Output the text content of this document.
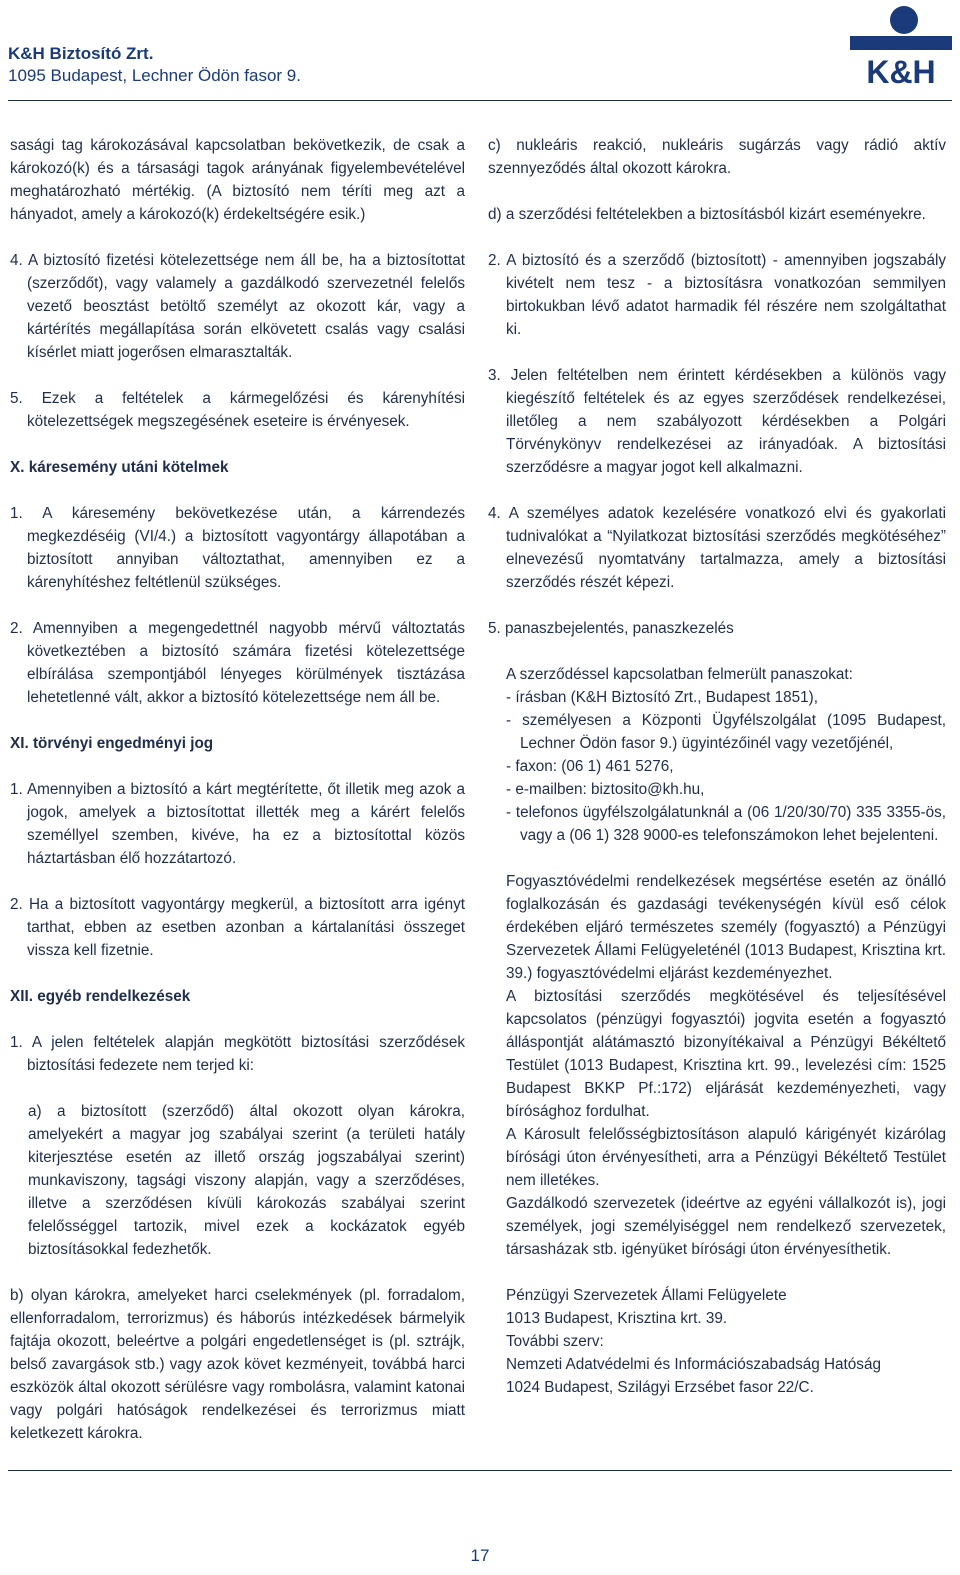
K&H Biztosító Zrt.
1095 Budapest, Lechner Ödön fasor 9.	K&H

sasági tag károkozásával kapcsolatban bekövetkezik, de csak a károkozó(k) és a társasági tagok arányának figyelembevételével meghatározható mértékig. (A biztosító nem téríti meg azt a hányadot, amely a károkozó(k) érdekeltségére esik.)

4. A biztosító fizetési kötelezettsége nem áll be, ha a biztosítottat (szerződőt), vagy valamely a gazdálkodó szervezetnél felelős vezető beosztást betöltő személyt az okozott kár, vagy a kártérítés megállapítása során elkövetett csalás vagy csalási kísérlet miatt jogerősen elmarasztalták.

5. Ezek a feltételek a kármegelőzési és kárenyhítési kötelezettségek megszegésének eseteire is érvényesek.

X. káresemény utáni kötelmek

1. A káresemény bekövetkezése után, a kárrendezés megkezdéséig (VI/4.) a biztosított vagyontárgy állapotában a biztosított annyiban változtathat, amennyiben ez a kárenyhítéshez feltétlenül szükséges.

2. Amennyiben a megengedettnél nagyobb mérvű változtatás következtében a biztosító számára fizetési kötelezettsége elbírálása szempontjából lényeges körülmények tisztázása lehetetlenné vált, akkor a biztosító kötelezettsége nem áll be.

XI. törvényi engedményi jog

1. Amennyiben a biztosító a kárt megtérítette, őt illetik meg azok a jogok, amelyek a biztosítottat illették meg a kárért felelős személlyel szemben, kivéve, ha ez a biztosítottal közös háztartásban élő hozzátartozó.

2. Ha a biztosított vagyontárgy megkerül, a biztosított arra igényt tarthat, ebben az esetben azonban a kártalanítási összeget vissza kell fizetnie.

XII. egyéb rendelkezések

1. A jelen feltételek alapján megkötött biztosítási szerződések biztosítási fedezete nem terjed ki:

a) a biztosított (szerződő) által okozott olyan károkra, amelyekért a magyar jog szabályai szerint (a területi hatály kiterjesztése esetén az illető ország jogszabályai szerint) munkaviszony, tagsági viszony alapján, vagy a szerződéses, illetve a szerződésen kívüli károkozás szabályai szerint felelősséggel tartozik, mivel ezek a kockázatok egyéb biztosításokkal fedezhetők.

b) olyan károkra, amelyeket harci cselekmények (pl. forradalom, ellenforradalom, terrorizmus) és háborús intézkedések bármelyik fajtája okozott, beleértve a polgári engedetlenséget is (pl. sztrájk, belső zavargások stb.) vagy azok követ kezményeit, továbbá harci eszközök által okozott sérülésre vagy rombolásra, valamint katonai vagy polgári hatóságok rendelkezései és terrorizmus miatt keletkezett károkra.

c) nukleáris reakció, nukleáris sugárzás vagy rádió aktív szennyeződés által okozott károkra.

d) a szerződési feltételekben a biztosításból kizárt eseményekre.

2. A biztosító és a szerződő (biztosított) - amennyiben jogszabály kivételt nem tesz - a biztosításra vonatkozóan semmilyen birtokukban lévő adatot harmadik fél részére nem szolgáltathat ki.

3. Jelen feltételben nem érintett kérdésekben a különös vagy kiegészítő feltételek és az egyes szerződések rendelkezései, illetőleg a nem szabályozott kérdésekben a Polgári Törvénykönyv rendelkezései az irányadóak. A biztosítási szerződésre a magyar jogot kell alkalmazni.

4. A személyes adatok kezelésére vonatkozó elvi és gyakorlati tudnivalókat a “Nyilatkozat biztosítási szerződés megkötéséhez” elnevezésű nyomtatvány tartalmazza, amely a biztosítási szerződés részét képezi.

5. panaszbejelentés, panaszkezelés

A szerződéssel kapcsolatban felmerült panaszokat:

- írásban (K&H Biztosító Zrt., Budapest 1851),
- személyesen a Központi Ügyfélszolgálat (1095 Budapest, Lechner Ödön fasor 9.) ügyintézőinél vagy vezetőjénél,
- faxon: (06 1) 461 5276,
- e-mailben: biztosito@kh.hu,
- telefonos ügyfélszolgálatunknál a (06 1/20/30/70) 335 3355-ös, vagy a (06 1) 328 9000-es telefonszámokon lehet bejelenteni.

Fogyasztóvédelmi rendelkezések megsértése esetén az önálló foglalkozásán és gazdasági tevékenységén kívül eső célok érdekében eljáró természetes személy (fogyasztó) a Pénzügyi Szervezetek Állami Felügyeleténél (1013 Budapest, Krisztina krt. 39.) fogyasztóvédelmi eljárást kezdeményezhet.

A biztosítási szerződés megkötésével és teljesítésével kapcsolatos (pénzügyi fogyasztói) jogvita esetén a fogyasztó álláspontját alátámasztó bizonyítékaival a Pénzügyi Békéltető Testület (1013 Budapest, Krisztina krt. 99., levelezési cím: 1525 Budapest BKKP Pf.:172) eljárását kezdeményezheti, vagy bírósághoz fordulhat.

A Károsult felelősségbiztosításon alapuló kárigényét kizárólag bírósági úton érvényesítheti, arra a Pénzügyi Békéltető Testület nem illetékes.

Gazdálkodó szervezetek (ideértve az egyéni vállalkozót is), jogi személyek, jogi személyiséggel nem rendelkező szervezetek, társasházak stb. igényüket bírósági úton érvényesíthetik.

Pénzügyi Szervezetek Állami Felügyelete

1013 Budapest, Krisztina krt. 39.

További szerv:

Nemzeti Adatvédelmi és Információszabadság Hatóság

1024 Budapest, Szilágyi Erzsébet fasor 22/C.

17
